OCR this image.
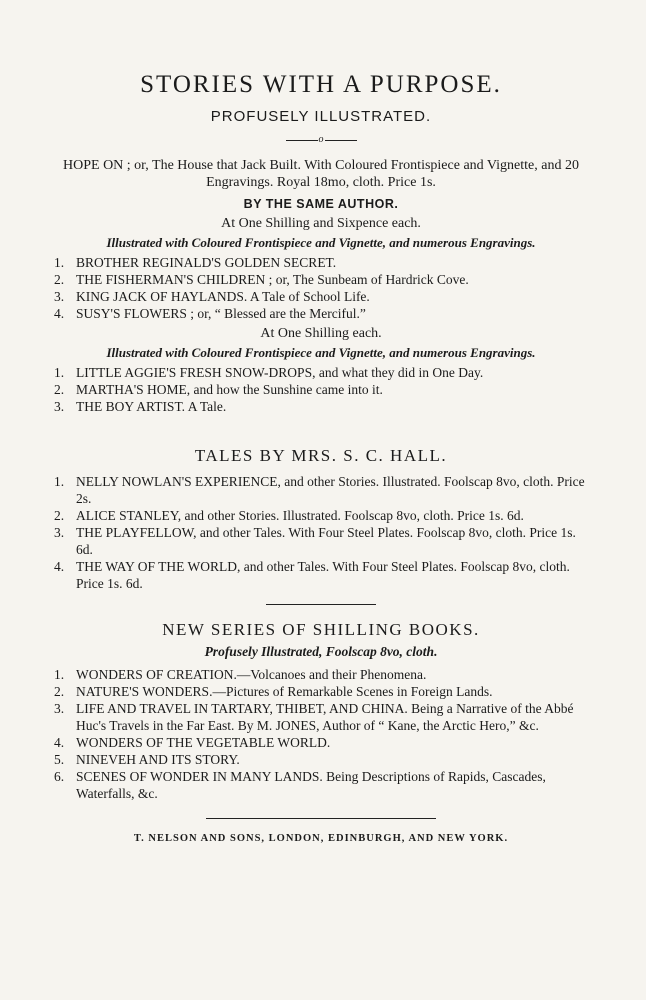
STORIES WITH A PURPOSE.
PROFUSELY ILLUSTRATED.
o
HOPE ON ; or, The House that Jack Built. With Coloured Frontispiece and Vignette, and 20 Engravings. Royal 18mo, cloth. Price 1s.
BY THE SAME AUTHOR.
At One Shilling and Sixpence each.
Illustrated with Coloured Frontispiece and Vignette, and numerous Engravings.
1. BROTHER REGINALD'S GOLDEN SECRET.
2. THE FISHERMAN'S CHILDREN ; or, The Sunbeam of Hardrick Cove.
3. KING JACK OF HAYLANDS. A Tale of School Life.
4. SUSY'S FLOWERS ; or, “ Blessed are the Merciful.”
At One Shilling each.
Illustrated with Coloured Frontispiece and Vignette, and numerous Engravings.
1. LITTLE AGGIE'S FRESH SNOW-DROPS, and what they did in One Day.
2. MARTHA'S HOME, and how the Sunshine came into it.
3. THE BOY ARTIST. A Tale.
TALES BY MRS. S. C. HALL.
1. NELLY NOWLAN'S EXPERIENCE, and other Stories. Illustrated. Foolscap 8vo, cloth. Price 2s.
2. ALICE STANLEY, and other Stories. Illustrated. Foolscap 8vo, cloth. Price 1s. 6d.
3. THE PLAYFELLOW, and other Tales. With Four Steel Plates. Foolscap 8vo, cloth. Price 1s. 6d.
4. THE WAY OF THE WORLD, and other Tales. With Four Steel Plates. Foolscap 8vo, cloth. Price 1s. 6d.
NEW SERIES OF SHILLING BOOKS.
Profusely Illustrated, Foolscap 8vo, cloth.
1. WONDERS OF CREATION.—Volcanoes and their Phenomena.
2. NATURE'S WONDERS.—Pictures of Remarkable Scenes in Foreign Lands.
3. LIFE AND TRAVEL IN TARTARY, THIBET, AND CHINA. Being a Narrative of the Abbé Huc's Travels in the Far East. By M. JONES, Author of “ Kane, the Arctic Hero,” &c.
4. WONDERS OF THE VEGETABLE WORLD.
5. NINEVEH AND ITS STORY.
6. SCENES OF WONDER IN MANY LANDS. Being Descriptions of Rapids, Cascades, Waterfalls, &c.
T. NELSON AND SONS, LONDON, EDINBURGH, AND NEW YORK.
